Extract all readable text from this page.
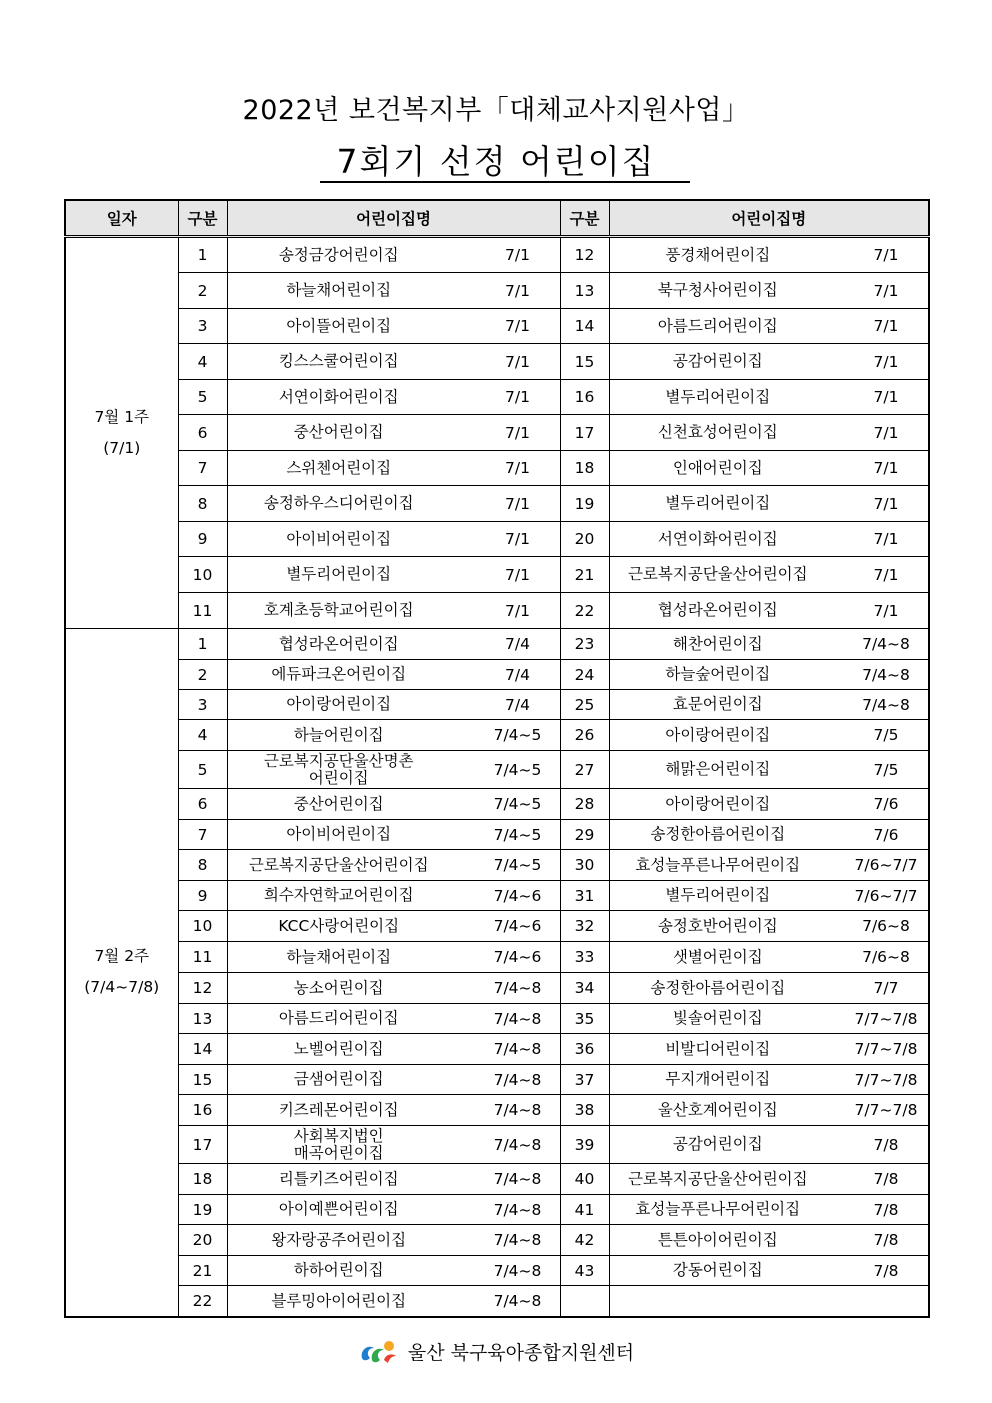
2022년 보건복지부「대체교사지원사업」
7회기 선정 어린이집
일자	구분	어린이집명	구분	어린이집명

7월 1주
(7/1)	1	송정금강어린이집 7/1	12	풍경채어린이집 7/1

	2	하늘채어린이집 7/1	13	북구청사어린이집 7/1

	3	아이뜰어린이집 7/1	14	아름드리어린이집 7/1

	4	킹스스쿨어린이집 7/1	15	공감어린이집 7/1

	5	서연이화어린이집 7/1	16	별두리어린이집 7/1

	6	중산어린이집 7/1	17	신천효성어린이집 7/1

	7	스위첸어린이집 7/1	18	인애어린이집 7/1

	8	송정하우스디어린이집 7/1	19	별두리어린이집 7/1

	9	아이비어린이집 7/1	20	서연이화어린이집 7/1

	10	별두리어린이집 7/1	21	근로복지공단울산어린이집 7/1

	11	호계초등학교어린이집 7/1	22	협성라온어린이집 7/1

7월 2주
(7/4~7/8)	1	협성라온어린이집 7/4	23	해찬어린이집 7/4~8

	2	에듀파크온어린이집 7/4	24	하늘숲어린이집 7/4~8

	3	아이랑어린이집 7/4	25	효문어린이집 7/4~8

	4	하늘어린이집 7/4~5	26	아이랑어린이집 7/5

	5	근로복지공단울산명촌
어린이집 7/4~5	27	해맑은어린이집 7/5

	6	중산어린이집 7/4~5	28	아이랑어린이집 7/6

	7	아이비어린이집 7/4~5	29	송정한아름어린이집 7/6

	8	근로복지공단울산어린이집 7/4~5	30	효성늘푸른나무어린이집 7/6~7/7

	9	희수자연학교어린이집 7/4~6	31	별두리어린이집 7/6~7/7

	10	KCC사랑어린이집 7/4~6	32	송정호반어린이집 7/6~8

	11	하늘채어린이집 7/4~6	33	샛별어린이집 7/6~8

	12	농소어린이집 7/4~8	34	송정한아름어린이집 7/7

	13	아름드리어린이집 7/4~8	35	빛솔어린이집 7/7~7/8

	14	노벨어린이집 7/4~8	36	비발디어린이집 7/7~7/8

	15	금샘어린이집 7/4~8	37	무지개어린이집 7/7~7/8

	16	키즈레몬어린이집 7/4~8	38	울산호계어린이집 7/7~7/8

	17	사회복지법인
매곡어린이집 7/4~8	39	공감어린이집 7/8

	18	리틀키즈어린이집 7/4~8	40	근로복지공단울산어린이집 7/8

	19	아이예쁜어린이집 7/4~8	41	효성늘푸른나무어린이집 7/8

	20	왕자랑공주어린이집 7/4~8	42	튼튼아이어린이집 7/8

	21	하하어린이집 7/4~8	43	강동어린이집 7/8

	22	블루밍아이어린이집 7/4~8		

울산 북구육아종합지원센터
